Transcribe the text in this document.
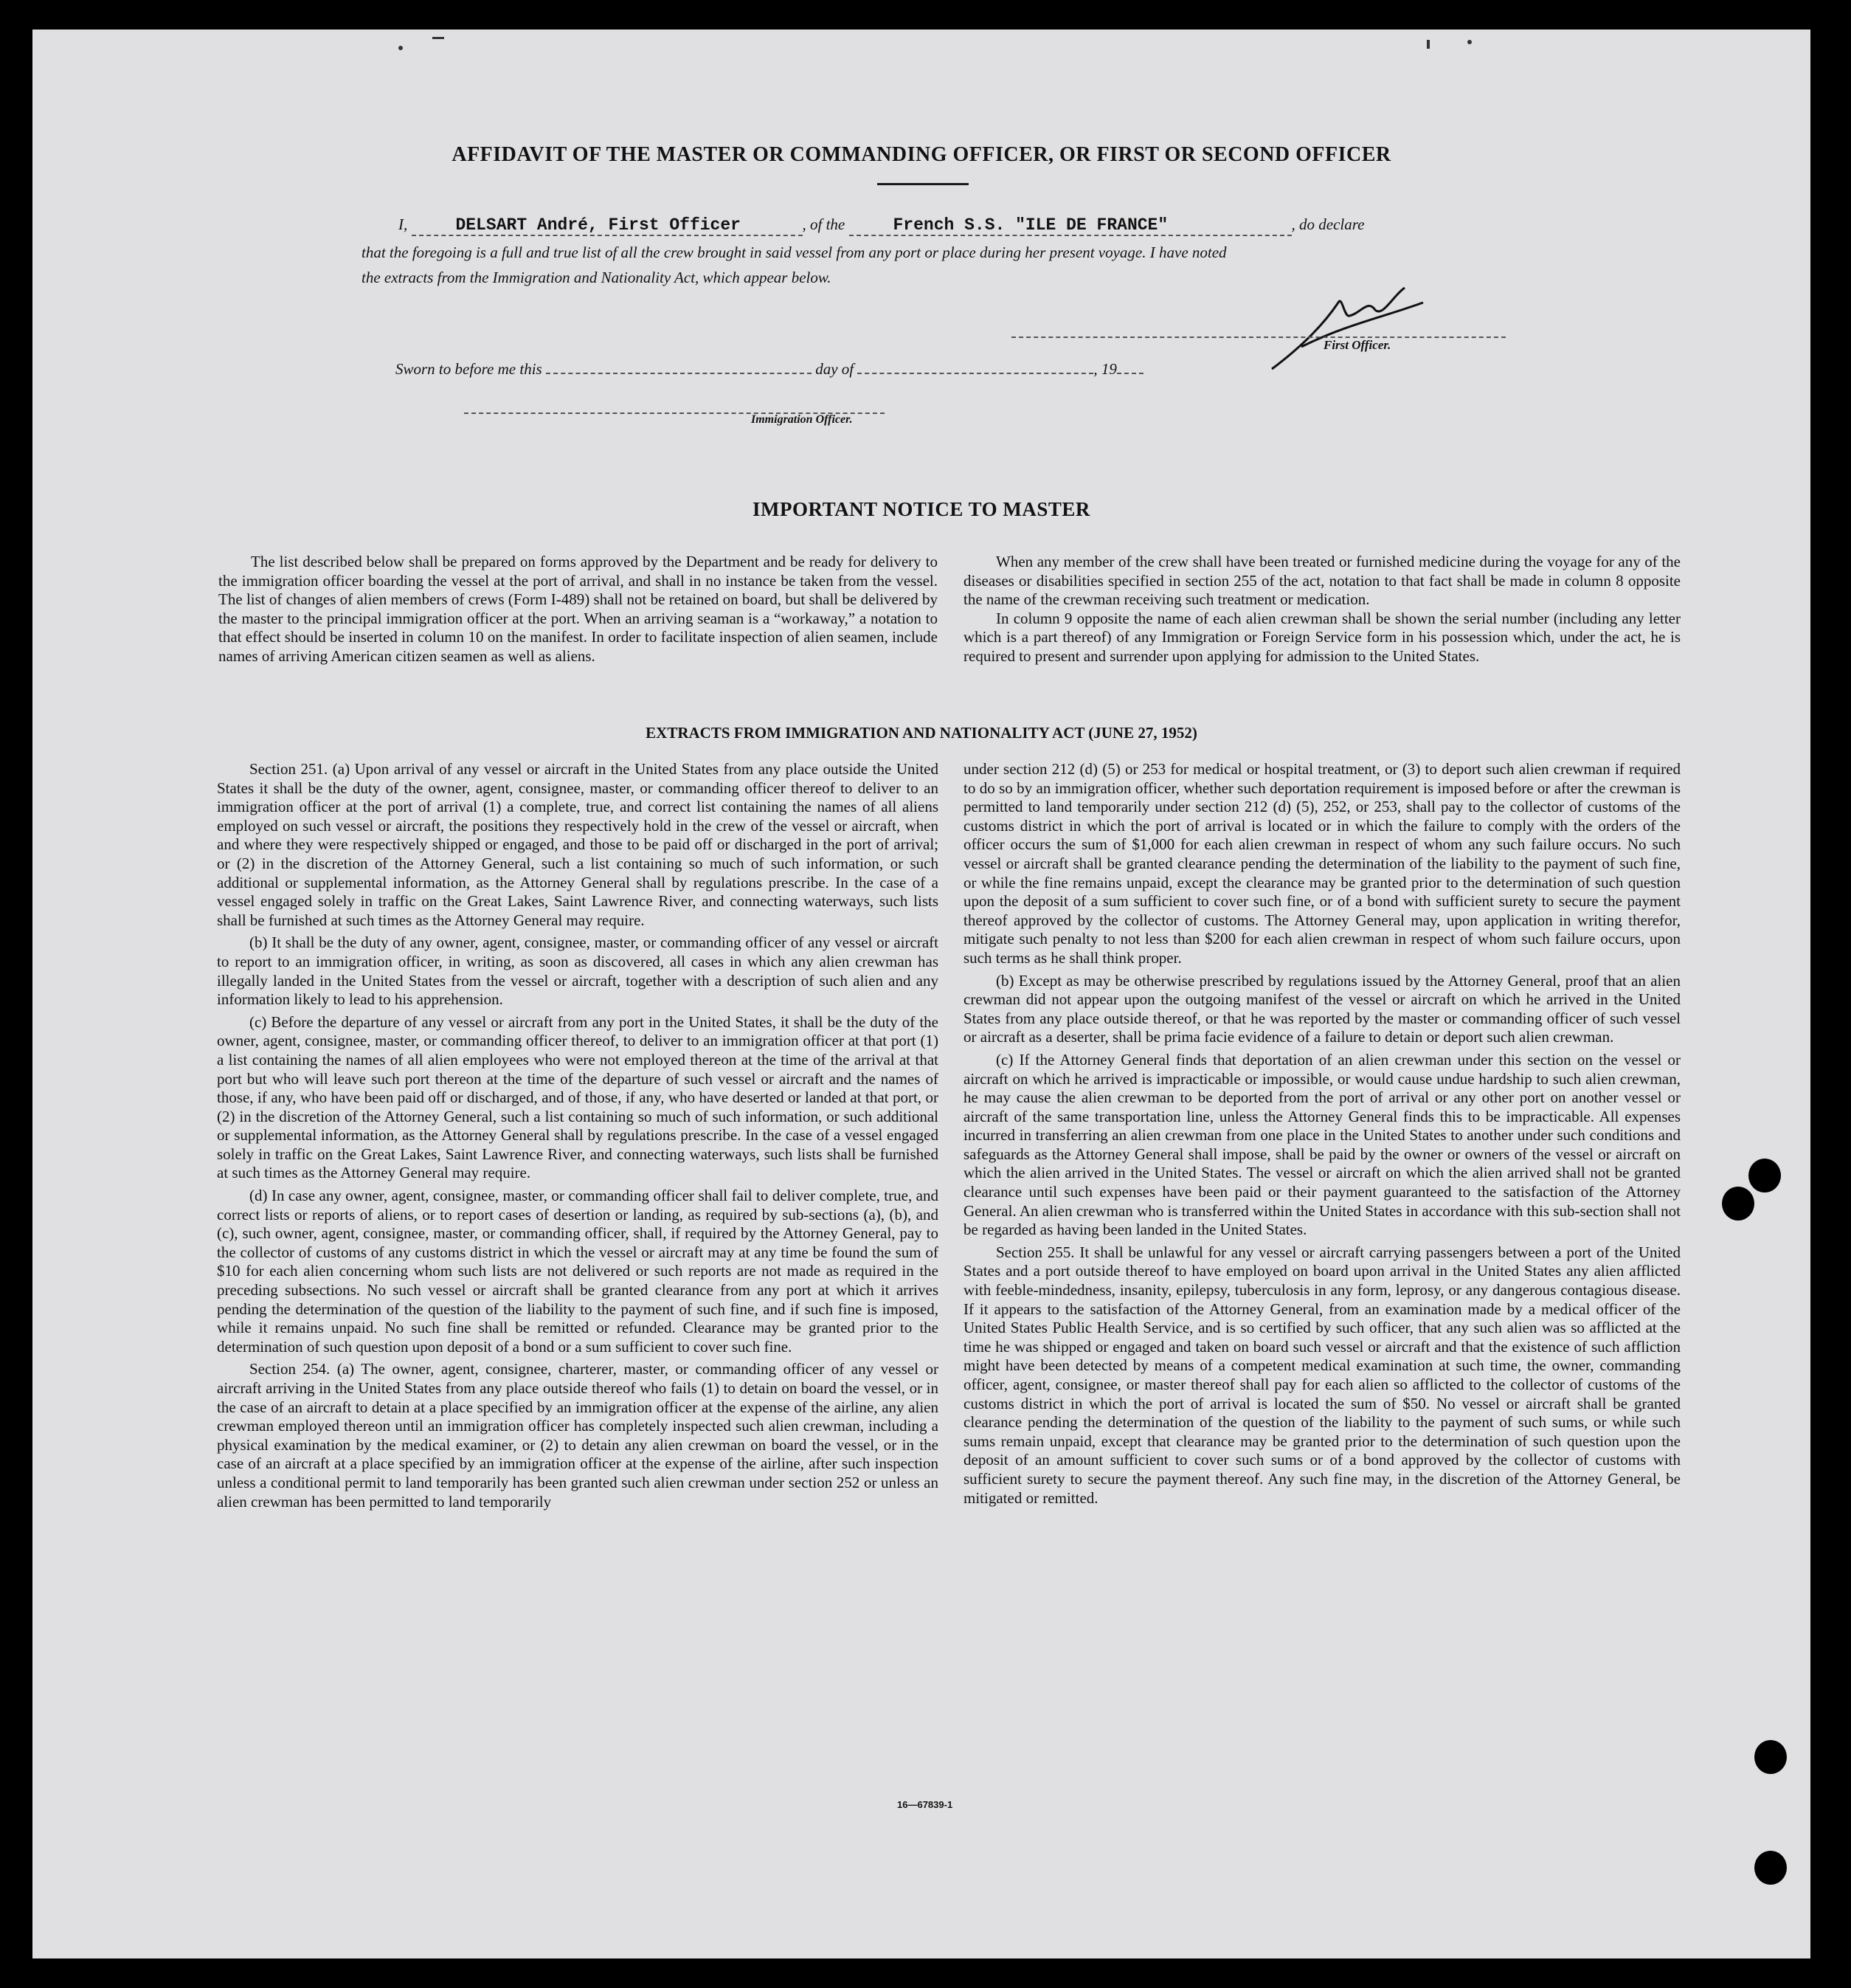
AFFIDAVIT OF THE MASTER OR COMMANDING OFFICER, OR FIRST OR SECOND OFFICER
I,	DELSART André, First Officer	, of the	French S.S. "ILE DE FRANCE"	, do declare
that the foregoing is a full and true list of all the crew brought in said vessel from any port or place during her present voyage. I have noted
the extracts from the Immigration and Nationality Act, which appear below.
First Officer.
Sworn to before me this	day of	, 19
Immigration Officer.
IMPORTANT NOTICE TO MASTER

The list described below shall be prepared on forms approved by the Department and be ready for delivery to the immigration officer boarding the vessel at the port of arrival, and shall in no instance be taken from the vessel. The list of changes of alien members of crews (Form I-489) shall not be retained on board, but shall be delivered by the master to the principal immigration officer at the port. When an arriving seaman is a “workaway,” a notation to that effect should be inserted in column 10 on the manifest. In order to facilitate inspection of alien seamen, include names of arriving American citizen seamen as well as aliens.

When any member of the crew shall have been treated or furnished medicine during the voyage for any of the diseases or disabilities specified in section 255 of the act, notation to that fact shall be made in column 8 opposite the name of the crewman receiving such treatment or medication.

In column 9 opposite the name of each alien crewman shall be shown the serial number (including any letter which is a part thereof) of any Immigration or Foreign Service form in his possession which, under the act, he is required to present and surrender upon applying for admission to the United States.

EXTRACTS FROM IMMIGRATION AND NATIONALITY ACT (JUNE 27, 1952)

Section 251. (a) Upon arrival of any vessel or aircraft in the United States from any place outside the United States it shall be the duty of the owner, agent, consignee, master, or commanding officer thereof to deliver to an immigration officer at the port of arrival (1) a complete, true, and correct list containing the names of all aliens employed on such vessel or aircraft, the positions they respectively hold in the crew of the vessel or aircraft, when and where they were respectively shipped or engaged, and those to be paid off or discharged in the port of arrival; or (2) in the discretion of the Attorney General, such a list containing so much of such information, or such additional or supplemental information, as the Attorney General shall by regulations prescribe. In the case of a vessel engaged solely in traffic on the Great Lakes, Saint Lawrence River, and connecting waterways, such lists shall be furnished at such times as the Attorney General may require.

(b) It shall be the duty of any owner, agent, consignee, master, or commanding officer of any vessel or aircraft to report to an immigration officer, in writing, as soon as discovered, all cases in which any alien crewman has illegally landed in the United States from the vessel or aircraft, together with a description of such alien and any information likely to lead to his apprehension.

(c) Before the departure of any vessel or aircraft from any port in the United States, it shall be the duty of the owner, agent, consignee, master, or commanding officer thereof, to deliver to an immigration officer at that port (1) a list containing the names of all alien employees who were not employed thereon at the time of the arrival at that port but who will leave such port thereon at the time of the departure of such vessel or aircraft and the names of those, if any, who have been paid off or discharged, and of those, if any, who have deserted or landed at that port, or (2) in the discretion of the Attorney General, such a list containing so much of such information, or such additional or supplemental information, as the Attorney General shall by regulations prescribe. In the case of a vessel engaged solely in traffic on the Great Lakes, Saint Lawrence River, and connecting waterways, such lists shall be furnished at such times as the Attorney General may require.

(d) In case any owner, agent, consignee, master, or commanding officer shall fail to deliver complete, true, and correct lists or reports of aliens, or to report cases of desertion or landing, as required by sub-sections (a), (b), and (c), such owner, agent, consignee, master, or commanding officer, shall, if required by the Attorney General, pay to the collector of customs of any customs district in which the vessel or aircraft may at any time be found the sum of $10 for each alien concerning whom such lists are not delivered or such reports are not made as required in the preceding subsections. No such vessel or aircraft shall be granted clearance from any port at which it arrives pending the determination of the question of the liability to the payment of such fine, and if such fine is imposed, while it remains unpaid. No such fine shall be remitted or refunded. Clearance may be granted prior to the determination of such question upon deposit of a bond or a sum sufficient to cover such fine.

Section 254. (a) The owner, agent, consignee, charterer, master, or commanding officer of any vessel or aircraft arriving in the United States from any place outside thereof who fails (1) to detain on board the vessel, or in the case of an aircraft to detain at a place specified by an immigration officer at the expense of the airline, any alien crewman employed thereon until an immigration officer has completely inspected such alien crewman, including a physical examination by the medical examiner, or (2) to detain any alien crewman on board the vessel, or in the case of an aircraft at a place specified by an immigration officer at the expense of the airline, after such inspection unless a conditional permit to land temporarily has been granted such alien crewman under section 252 or unless an alien crewman has been permitted to land temporarily

under section 212 (d) (5) or 253 for medical or hospital treatment, or (3) to deport such alien crewman if required to do so by an immigration officer, whether such deportation requirement is imposed before or after the crewman is permitted to land temporarily under section 212 (d) (5), 252, or 253, shall pay to the collector of customs of the customs district in which the port of arrival is located or in which the failure to comply with the orders of the officer occurs the sum of $1,000 for each alien crewman in respect of whom any such failure occurs. No such vessel or aircraft shall be granted clearance pending the determination of the liability to the payment of such fine, or while the fine remains unpaid, except the clearance may be granted prior to the determination of such question upon the deposit of a sum sufficient to cover such fine, or of a bond with sufficient surety to secure the payment thereof approved by the collector of customs. The Attorney General may, upon application in writing therefor, mitigate such penalty to not less than $200 for each alien crewman in respect of whom such failure occurs, upon such terms as he shall think proper.

(b) Except as may be otherwise prescribed by regulations issued by the Attorney General, proof that an alien crewman did not appear upon the outgoing manifest of the vessel or aircraft on which he arrived in the United States from any place outside thereof, or that he was reported by the master or commanding officer of such vessel or aircraft as a deserter, shall be prima facie evidence of a failure to detain or deport such alien crewman.

(c) If the Attorney General finds that deportation of an alien crewman under this section on the vessel or aircraft on which he arrived is impracticable or impossible, or would cause undue hardship to such alien crewman, he may cause the alien crewman to be deported from the port of arrival or any other port on another vessel or aircraft of the same transportation line, unless the Attorney General finds this to be impracticable. All expenses incurred in transferring an alien crewman from one place in the United States to another under such conditions and safeguards as the Attorney General shall impose, shall be paid by the owner or owners of the vessel or aircraft on which the alien arrived in the United States. The vessel or aircraft on which the alien arrived shall not be granted clearance until such expenses have been paid or their payment guaranteed to the satisfaction of the Attorney General. An alien crewman who is transferred within the United States in accordance with this sub-section shall not be regarded as having been landed in the United States.

Section 255. It shall be unlawful for any vessel or aircraft carrying passengers between a port of the United States and a port outside thereof to have employed on board upon arrival in the United States any alien afflicted with feeble-mindedness, insanity, epilepsy, tuberculosis in any form, leprosy, or any dangerous contagious disease. If it appears to the satisfaction of the Attorney General, from an examination made by a medical officer of the United States Public Health Service, and is so certified by such officer, that any such alien was so afflicted at the time he was shipped or engaged and taken on board such vessel or aircraft and that the existence of such affliction might have been detected by means of a competent medical examination at such time, the owner, commanding officer, agent, consignee, or master thereof shall pay for each alien so afflicted to the collector of customs of the customs district in which the port of arrival is located the sum of $50. No vessel or aircraft shall be granted clearance pending the determination of the question of the liability to the payment of such sums, or while such sums remain unpaid, except that clearance may be granted prior to the determination of such question upon the deposit of an amount sufficient to cover such sums or of a bond approved by the collector of customs with sufficient surety to secure the payment thereof. Any such fine may, in the discretion of the Attorney General, be mitigated or remitted.

16—67839-1
